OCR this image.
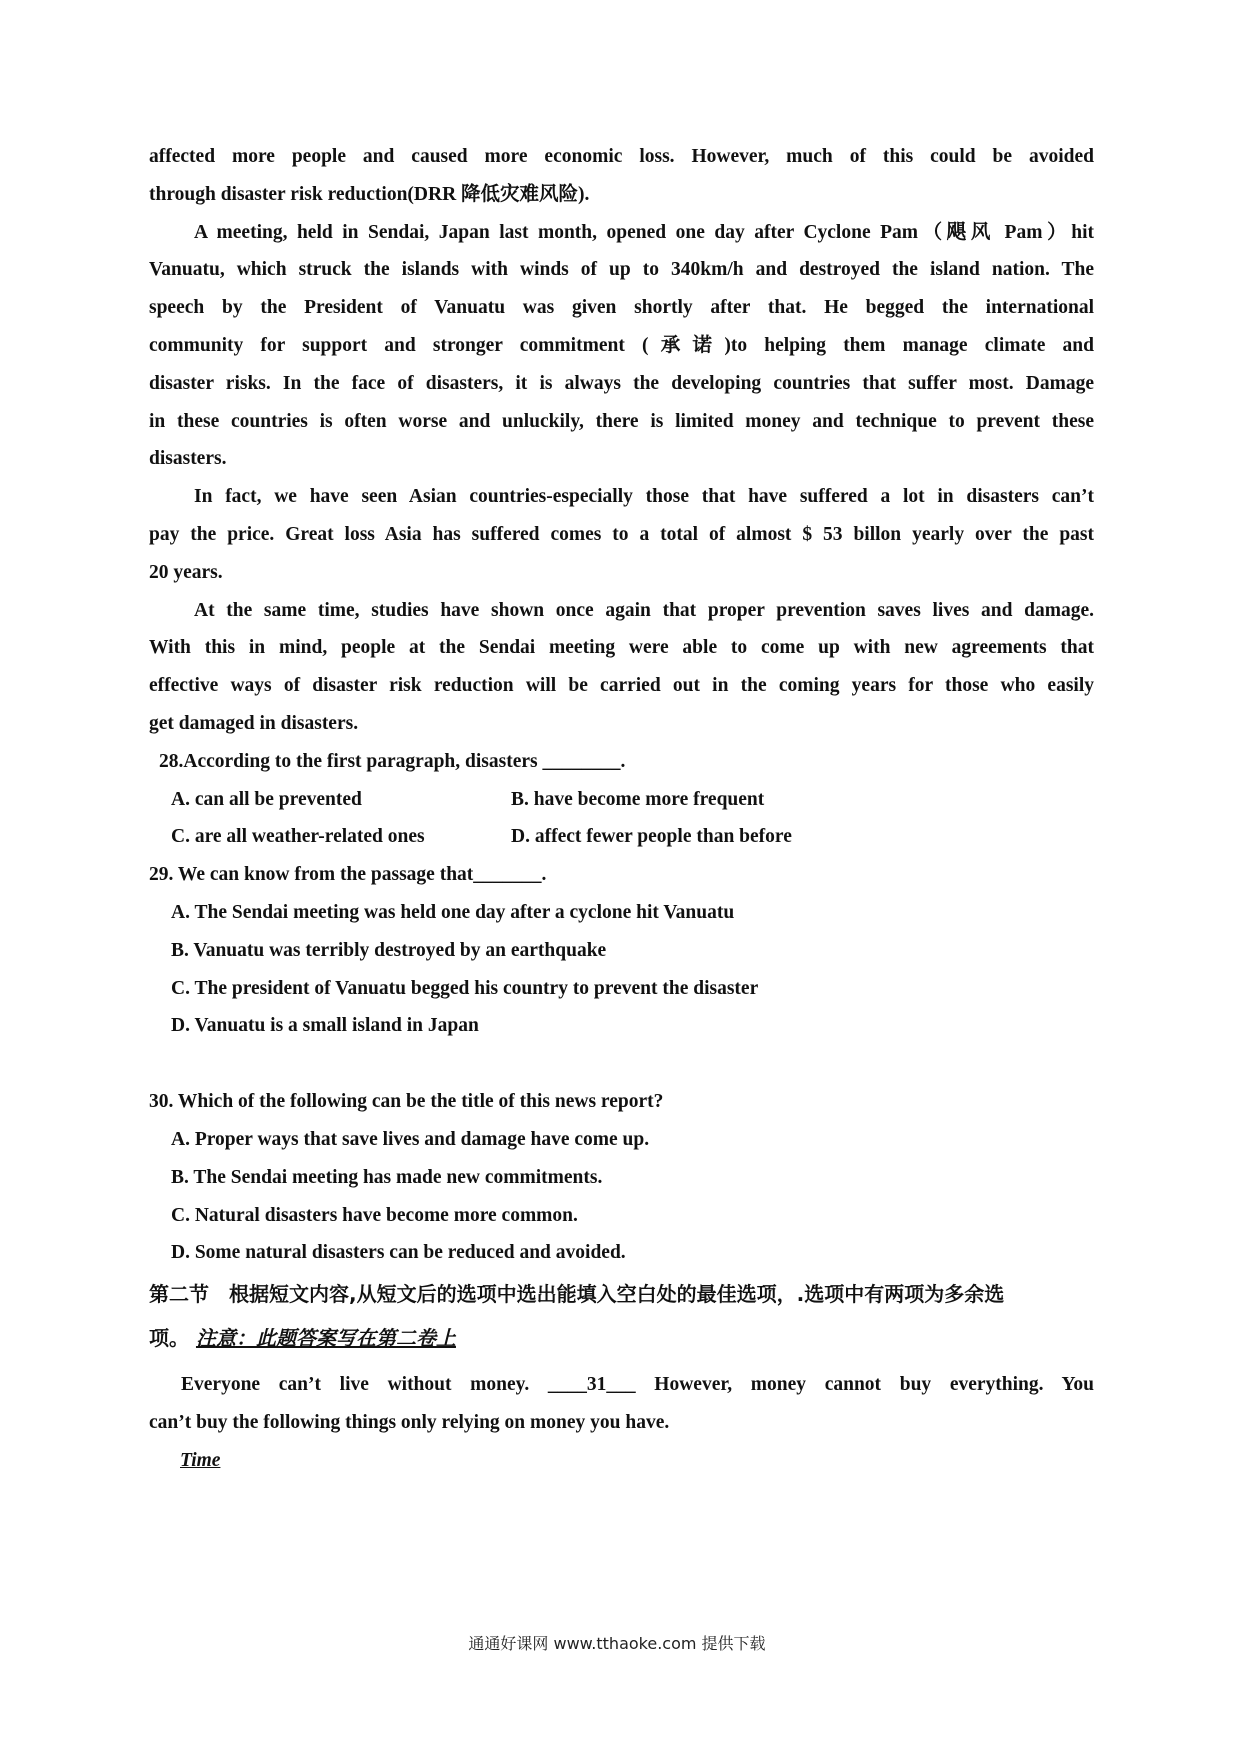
affected more people and caused more economic loss. However, much of this could be avoided
through disaster risk reduction(DRR 降低灾难风险).
A meeting, held in Sendai, Japan last month, opened one day after Cyclone Pam（飓风 Pam）hit
Vanuatu, which struck the islands with winds of up to 340km/h and destroyed the island nation. The
speech by the President of Vanuatu was given shortly after that. He begged the international
community for support and stronger commitment (承诺)to helping them manage climate and
disaster risks. In the face of disasters, it is always the developing countries that suffer most. Damage
in these countries is often worse and unluckily, there is limited money and technique to prevent these
disasters.
In fact, we have seen Asian countries-especially those that have suffered a lot in disasters can’t
pay the price. Great loss Asia has suffered comes to a total of almost $ 53 billon yearly over the past
20 years.
At the same time, studies have shown once again that proper prevention saves lives and damage.
With this in mind, people at the Sendai meeting were able to come up with new agreements that
effective ways of disaster risk reduction will be carried out in the coming years for those who easily
get damaged in disasters.
28.According to the first paragraph, disasters ________.
A. can all be prevented	B. have become more frequent
C. are all weather-related ones	D. affect fewer people than before
29. We can know from the passage that_______.
A. The Sendai meeting was held one day after a cyclone hit Vanuatu
B. Vanuatu was terribly destroyed by an earthquake
C. The president of Vanuatu begged his country to prevent the disaster
D. Vanuatu is a small island in Japan
30. Which of the following can be the title of this news report?
A. Proper ways that save lives and damage have come up.
B. The Sendai meeting has made new commitments.
C. Natural disasters have become more common.
D. Some natural disasters can be reduced and avoided.
第二节　根据短文内容,从短文后的选项中选出能填入空白处的最佳选项，.选项中有两项为多余选
项。 注意：此题答案写在第二卷上
Everyone can’t live without money. ____31___ However, money cannot buy everything. You
can’t buy the following things only relying on money you have.
Time
通通好课网 www.tthaoke.com 提供下载
